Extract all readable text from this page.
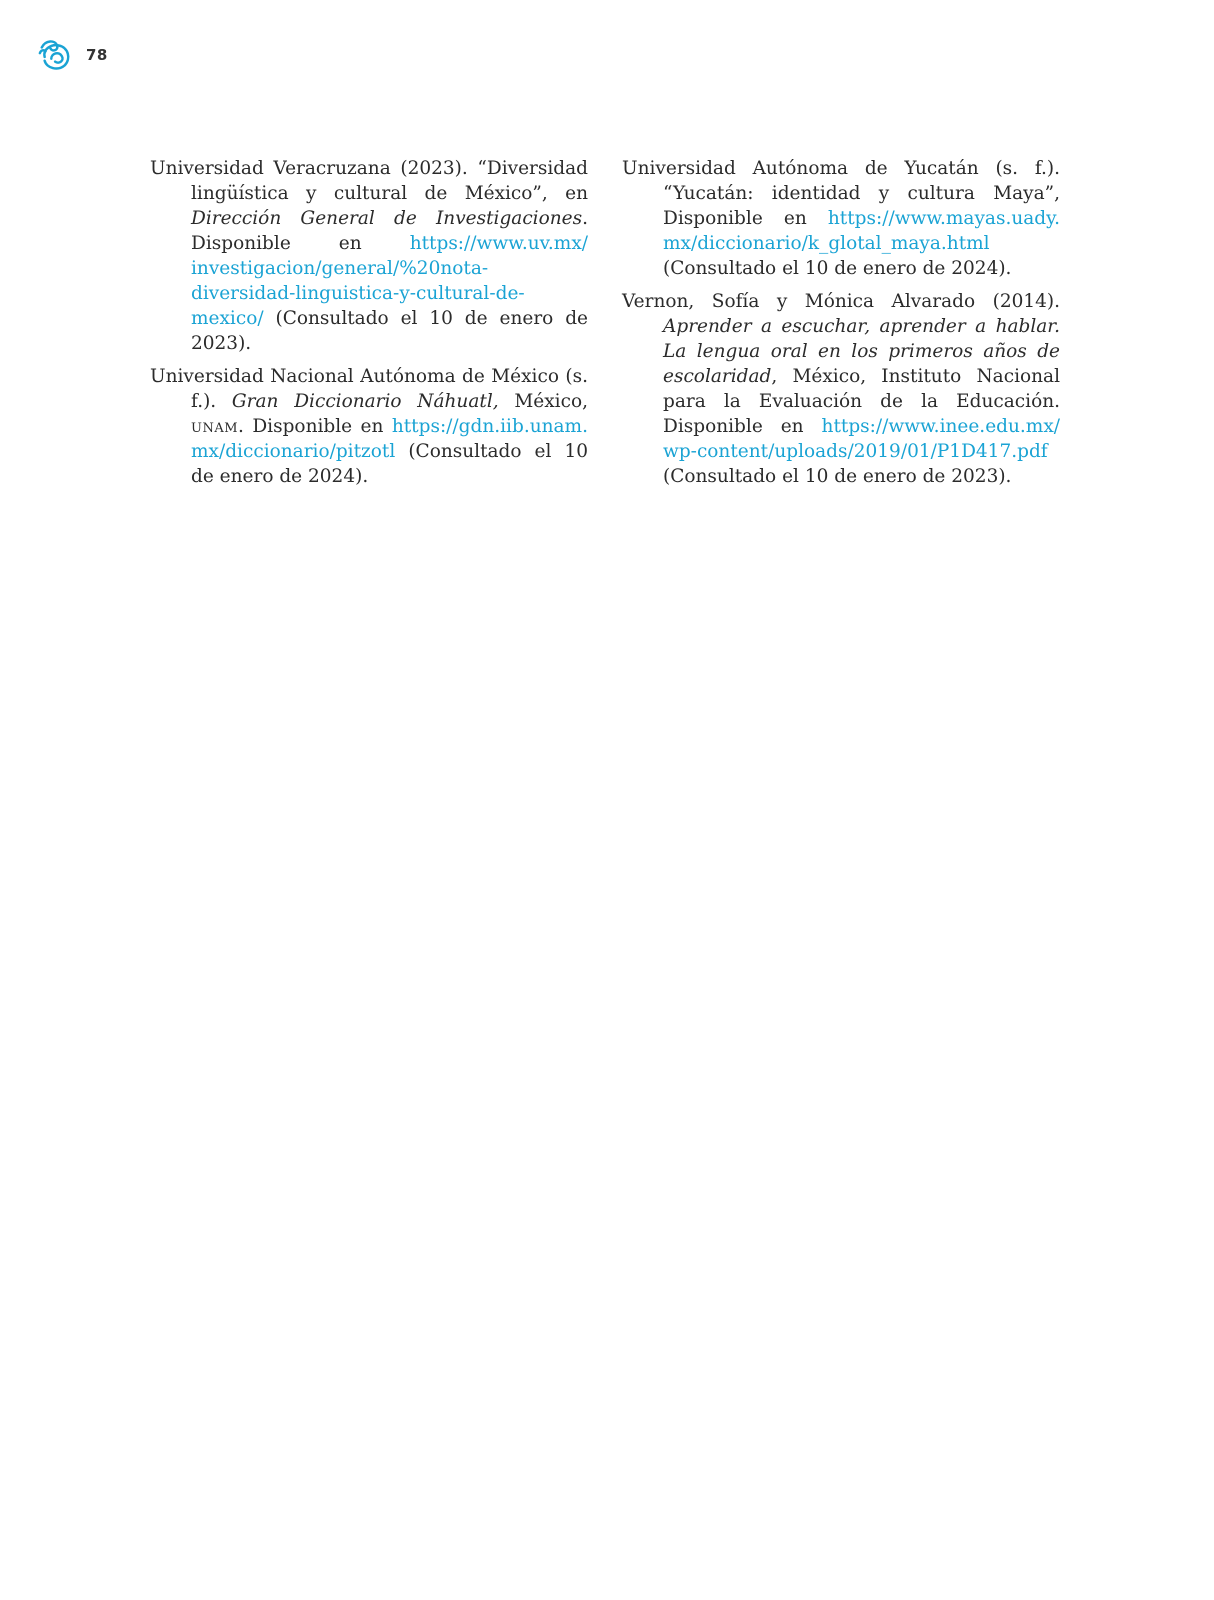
78

Universidad Veracruzana (2023). “Diversidad lingüística y cultural de México”, en Dirección General de Investigaciones. Disponible en https://www.uv.mx/investigacion/general/%20nota-diversidad-linguistica-y-cultural-de-mexico/ (Consultado el 10 de enero de 2023).

Universidad Nacional Autónoma de México (s. f.). Gran Diccionario Náhuatl, México, unam. Disponible en https://gdn.iib.unam.mx/diccionario/pitzotl (Consultado el 10 de enero de 2024).

Universidad Autónoma de Yucatán (s. f.). “Yucatán: identidad y cultura Maya”, Disponible en https://www.mayas.uady.mx/diccionario/k_glotal_maya.html (Consultado el 10 de enero de 2024).

Vernon, Sofía y Mónica Alvarado (2014). Aprender a escuchar, aprender a hablar. La lengua oral en los primeros años de escolaridad, México, Instituto Nacional para la Evaluación de la Educación. Disponible en https://www.inee.edu.mx/wp-content/uploads/2019/01/P1D417.pdf (Consultado el 10 de enero de 2023).
